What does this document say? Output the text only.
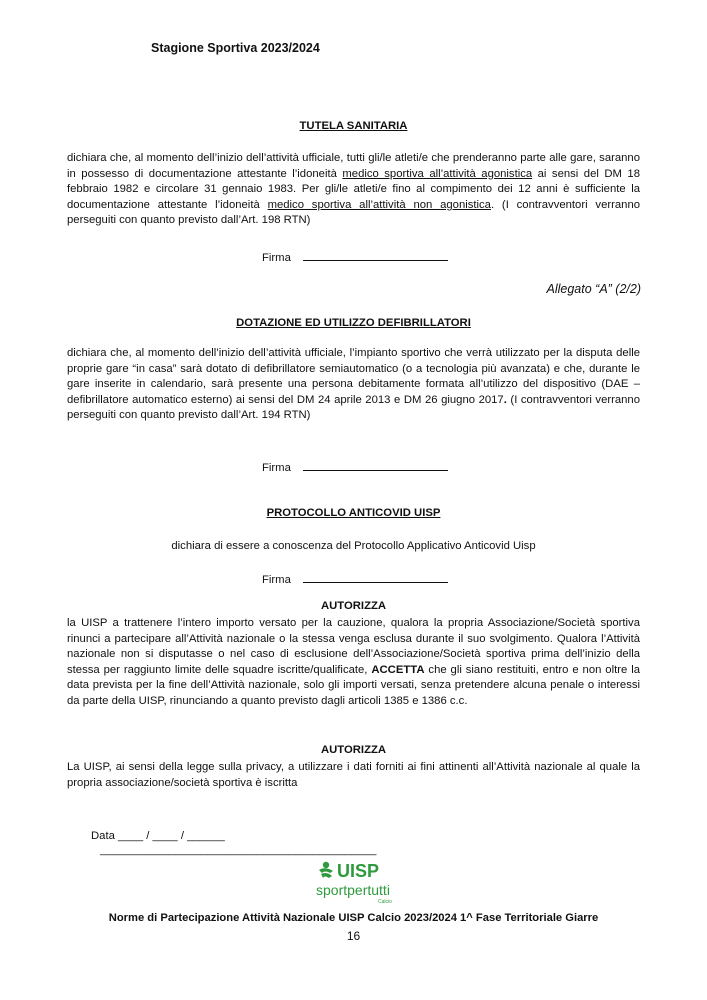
Stagione Sportiva 2023/2024
TUTELA SANITARIA
dichiara che, al momento dell’inizio dell’attività ufficiale, tutti gli/le atleti/e che prenderanno parte alle gare, saranno in possesso di documentazione attestante l’idoneità medico sportiva all’attività agonistica ai sensi del DM 18 febbraio 1982 e circolare 31 gennaio 1983. Per gli/le atleti/e fino al compimento dei 12 anni è sufficiente la documentazione attestante l’idoneità medico sportiva all’attività non agonistica. (I contravventori verranno perseguiti con quanto previsto dall’Art. 198 RTN)
Firma
Allegato “A” (2/2)
DOTAZIONE ED UTILIZZO DEFIBRILLATORI
dichiara che, al momento dell’inizio dell’attività ufficiale, l’impianto sportivo che verrà utilizzato per la disputa delle proprie gare “in casa” sarà dotato di defibrillatore semiautomatico (o a tecnologia più avanzata) e che, durante le gare inserite in calendario, sarà presente una persona debitamente formata all’utilizzo del dispositivo (DAE – defibrillatore automatico esterno) ai sensi del DM 24 aprile 2013 e DM 26 giugno 2017. (I contravventori verranno perseguiti con quanto previsto dall’Art. 194 RTN)
Firma
PROTOCOLLO ANTICOVID UISP
dichiara di essere a conoscenza del Protocollo Applicativo Anticovid Uisp
Firma
AUTORIZZA
la UISP a trattenere l’intero importo versato per la cauzione, qualora la propria Associazione/Società sportiva rinunci a partecipare all’Attività nazionale o la stessa venga esclusa durante il suo svolgimento. Qualora l’Attività nazionale non si disputasse o nel caso di esclusione dell’Associazione/Società sportiva prima dell’inizio della stessa per raggiunto limite delle squadre iscritte/qualificate, ACCETTA che gli siano restituiti, entro e non oltre la data prevista per la fine dell’Attività nazionale, solo gli importi versati, senza pretendere alcuna penale o interessi da parte della UISP, rinunciando a quanto previsto dagli articoli 1385 e 1386 c.c.
AUTORIZZA
La UISP, ai sensi della legge sulla privacy, a utilizzare i dati forniti ai fini attinenti all’Attività nazionale al quale la propria associazione/società sportiva è iscritta
Data ____ / ____ / ______
____________________________________________
UISP
sportpertutti
Calcio
Norme di Partecipazione Attività Nazionale UISP Calcio 2023/2024 1^ Fase Territoriale Giarre
16
